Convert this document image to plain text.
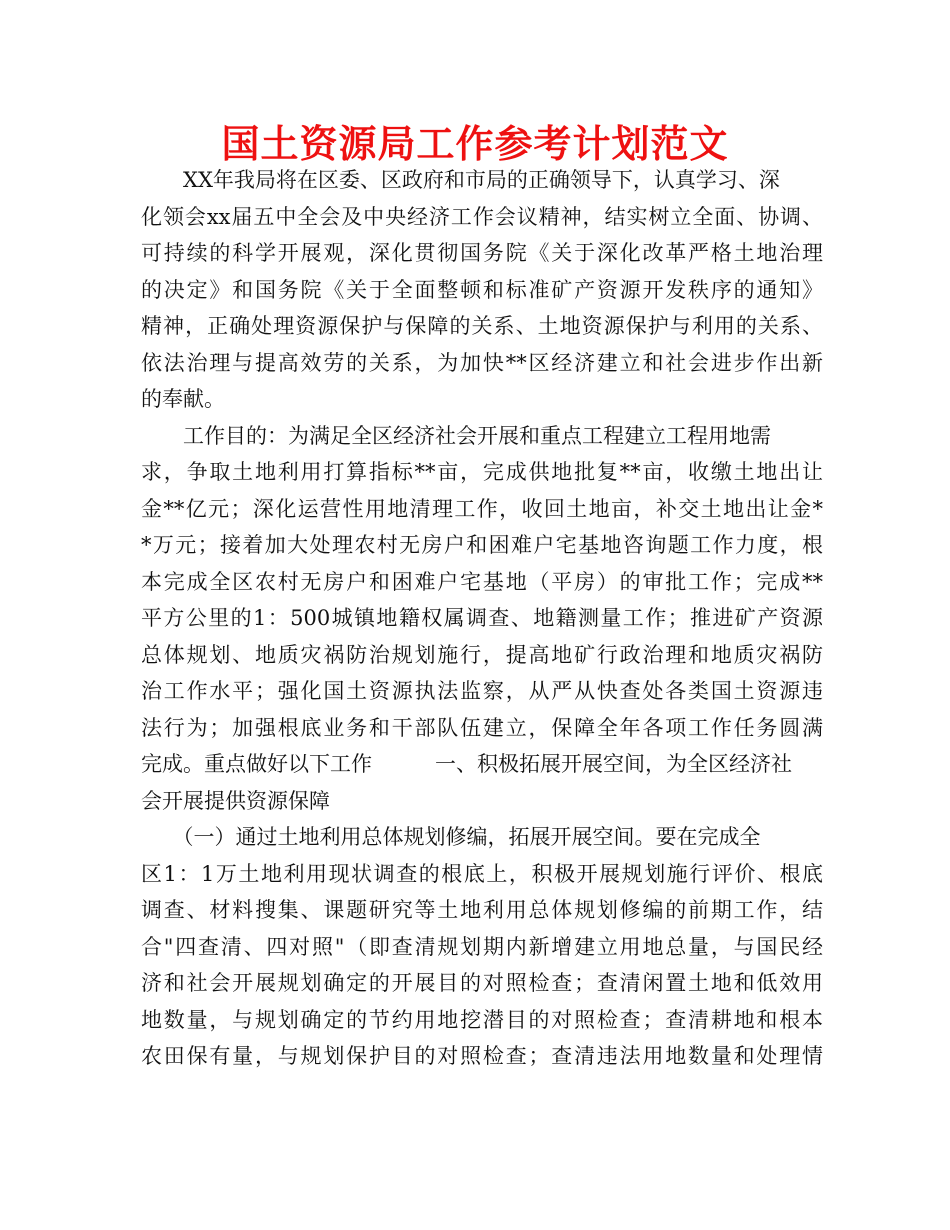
国土资源局工作参考计划范文
　　XX年我局将在区委、区政府和市局的正确领导下，认真学习、深
化领会xx届五中全会及中央经济工作会议精神，结实树立全面、协调、
可持续的科学开展观，深化贯彻国务院《关于深化改革严格土地治理
的决定》和国务院《关于全面整顿和标准矿产资源开发秩序的通知》
精神，正确处理资源保护与保障的关系、土地资源保护与利用的关系、
依法治理与提高效劳的关系，为加快**区经济建立和社会进步作出新
的奉献。
　　工作目的：为满足全区经济社会开展和重点工程建立工程用地需
求，争取土地利用打算指标**亩，完成供地批复**亩，收缴土地出让
金**亿元；深化运营性用地清理工作，收回土地亩，补交土地出让金*
*万元；接着加大处理农村无房户和困难户宅基地咨询题工作力度，根
本完成全区农村无房户和困难户宅基地（平房）的审批工作；完成**
平方公里的1：500城镇地籍权属调查、地籍测量工作；推进矿产资源
总体规划、地质灾祸防治规划施行，提高地矿行政治理和地质灾祸防
治工作水平；强化国土资源执法监察，从严从快查处各类国土资源违
法行为；加强根底业务和干部队伍建立，保障全年各项工作任务圆满
完成。重点做好以下工作　　　一、积极拓展开展空间，为全区经济社
会开展提供资源保障
　　（一）通过土地利用总体规划修编，拓展开展空间。要在完成全
区1：1万土地利用现状调查的根底上，积极开展规划施行评价、根底
调查、材料搜集、课题研究等土地利用总体规划修编的前期工作，结
合"四查清、四对照"（即查清规划期内新增建立用地总量，与国民经
济和社会开展规划确定的开展目的对照检查；查清闲置土地和低效用
地数量，与规划确定的节约用地挖潜目的对照检查；查清耕地和根本
农田保有量，与规划保护目的对照检查；查清违法用地数量和处理情
